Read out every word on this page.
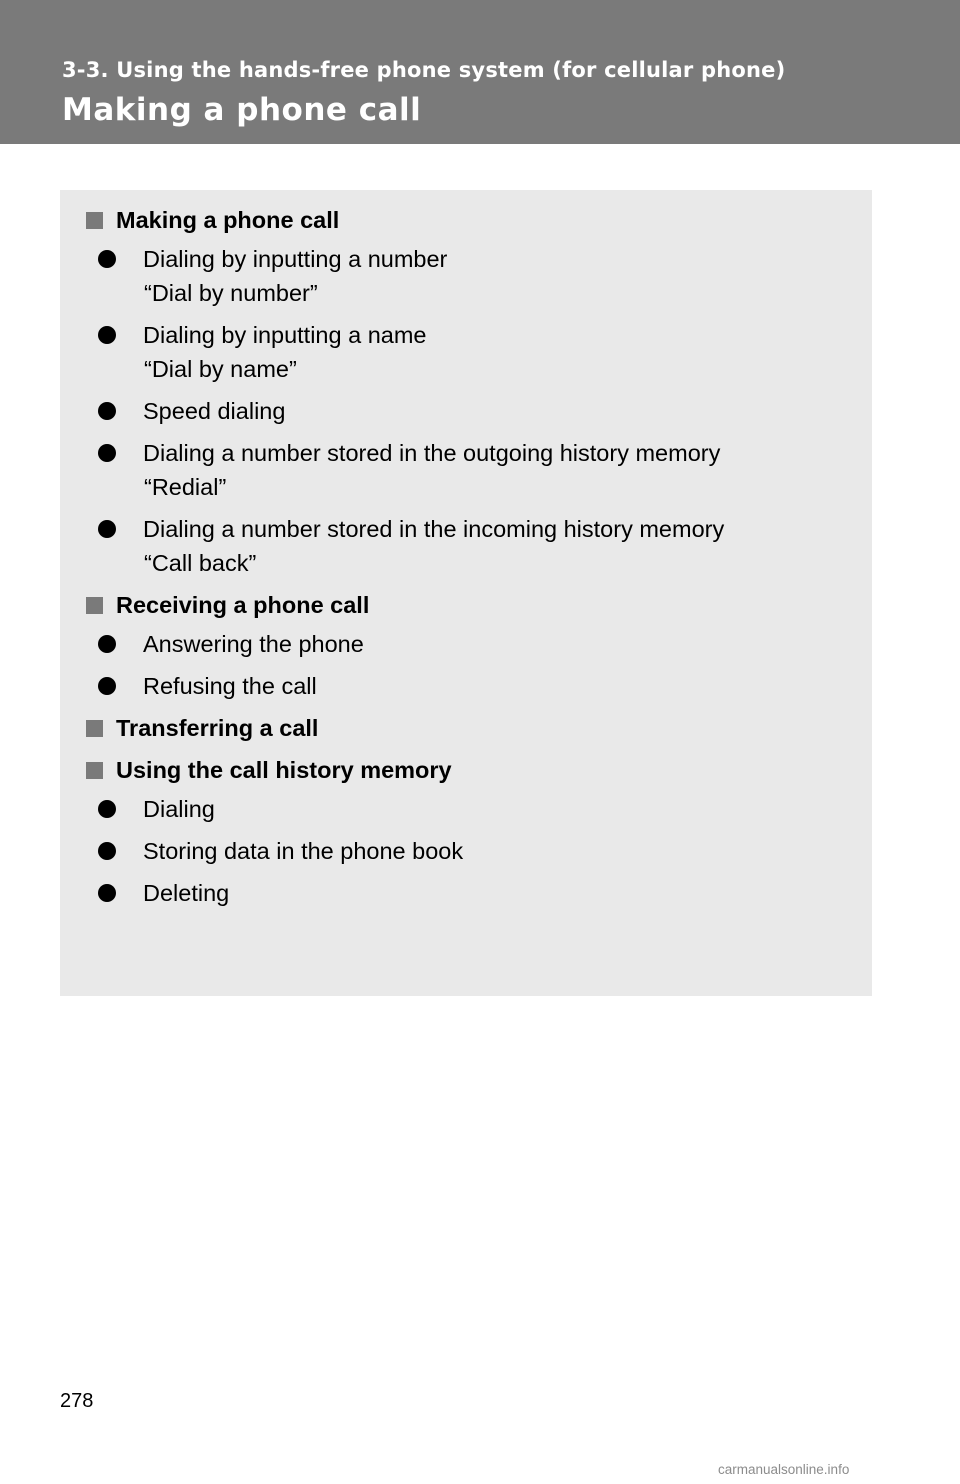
3-3. Using the hands-free phone system (for cellular phone)
Making a phone call
Making a phone call
Dialing by inputting a number
“Dial by number”
Dialing by inputting a name
“Dial by name”
Speed dialing
Dialing a number stored in the outgoing history memory
“Redial”
Dialing a number stored in the incoming history memory
“Call back”
Receiving a phone call
Answering the phone
Refusing the call
Transferring a call
Using the call history memory
Dialing
Storing data in the phone book
Deleting
278
carmanualsonline.info
